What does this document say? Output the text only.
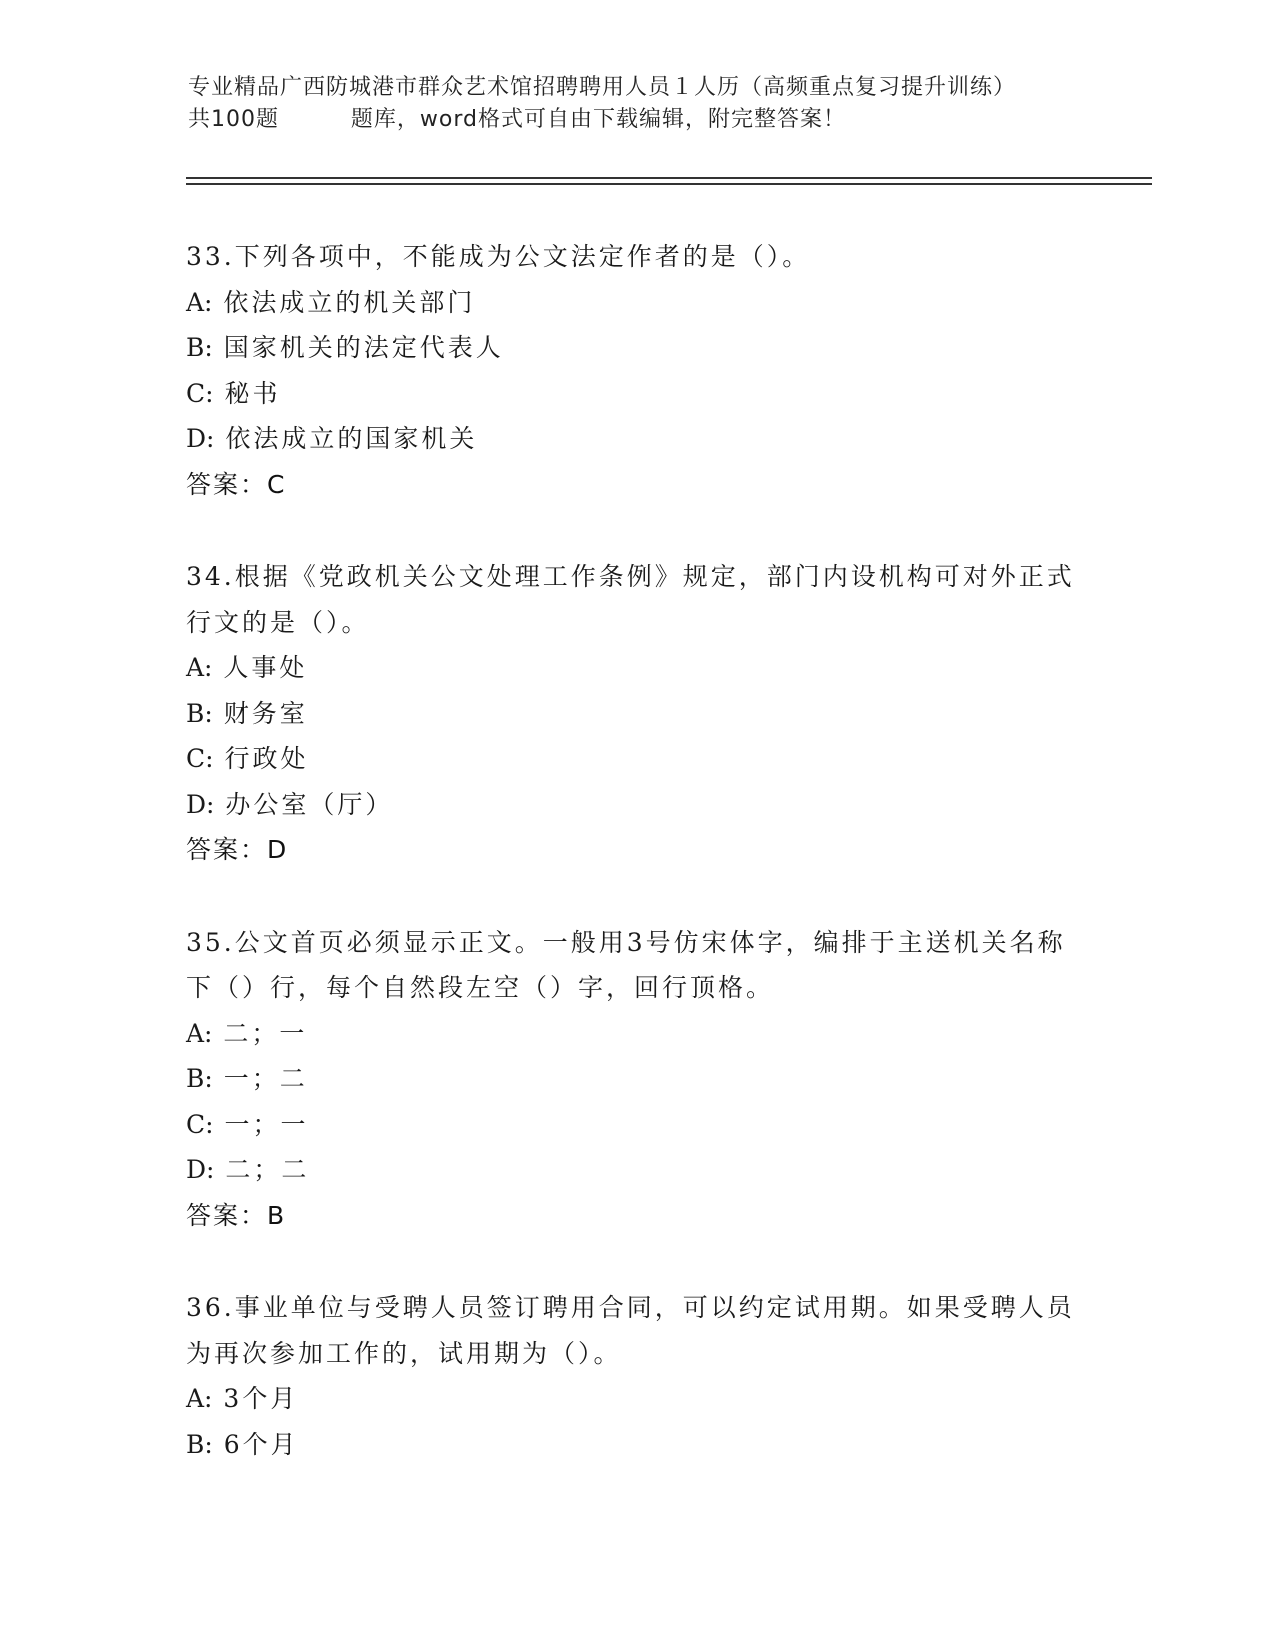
专业精品广西防城港市群众艺术馆招聘聘用人员１人历（高频重点复习提升训练）
共100题         题库，word格式可自由下载编辑，附完整答案！
33.下列各项中，不能成为公文法定作者的是（）。
A: 依法成立的机关部门
B: 国家机关的法定代表人
C: 秘书
D: 依法成立的国家机关
答案：C
34.根据《党政机关公文处理工作条例》规定，部门内设机构可对外正式行文的是（）。
A: 人事处
B: 财务室
C: 行政处
D: 办公室（厅）
答案：D
35.公文首页必须显示正文。一般用3号仿宋体字，编排于主送机关名称下（）行，每个自然段左空（）字，回行顶格。
A: 二；一
B: 一；二
C: 一；一
D: 二；二
答案：B
36.事业单位与受聘人员签订聘用合同，可以约定试用期。如果受聘人员为再次参加工作的，试用期为（）。
A: 3个月
B: 6个月
